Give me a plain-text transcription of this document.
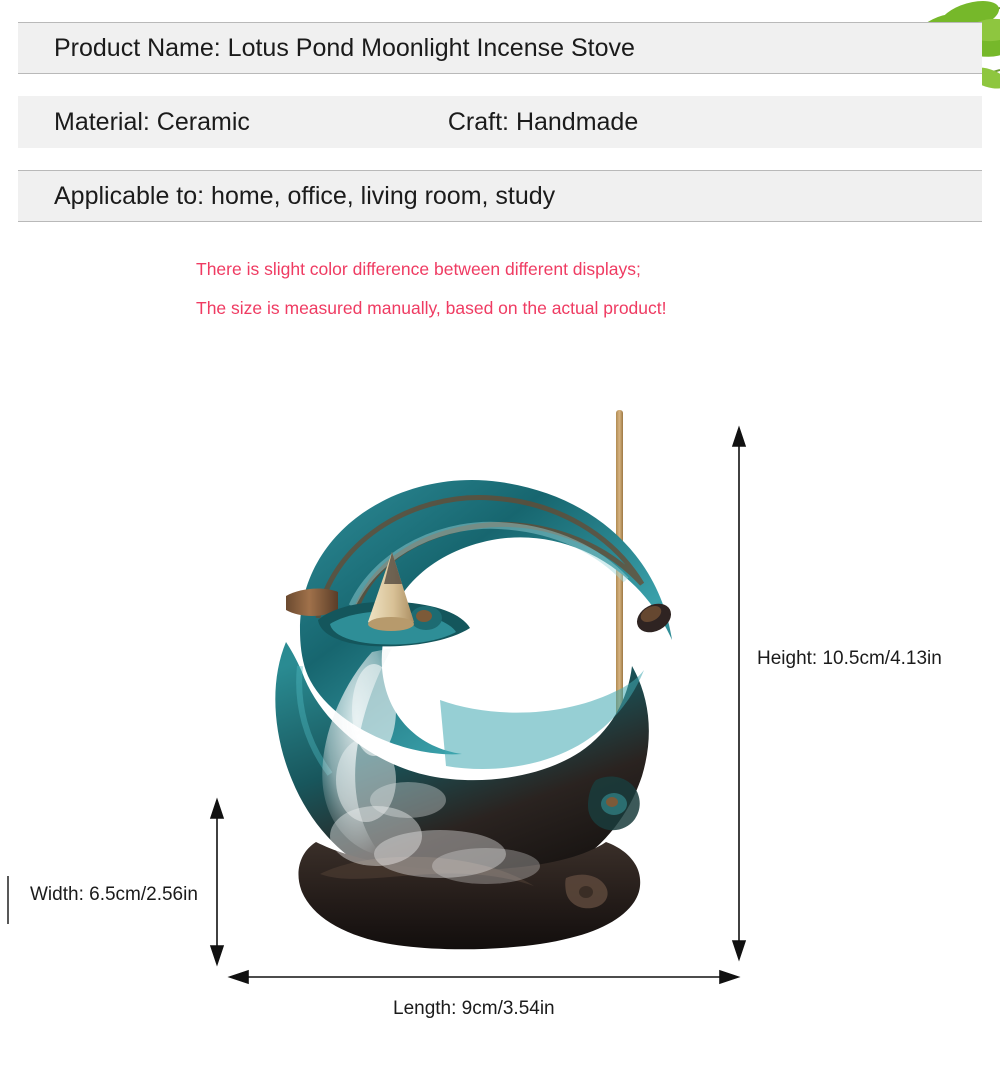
Product Name: Lotus Pond Moonlight Incense Stove
Material: Ceramic	Craft: Handmade
Applicable to: home, office, living room, study
There is slight color difference between different displays;
The size is measured manually, based on the actual product!
Height: 10.5cm/4.13in
Width: 6.5cm/2.56in
Length: 9cm/3.54in
